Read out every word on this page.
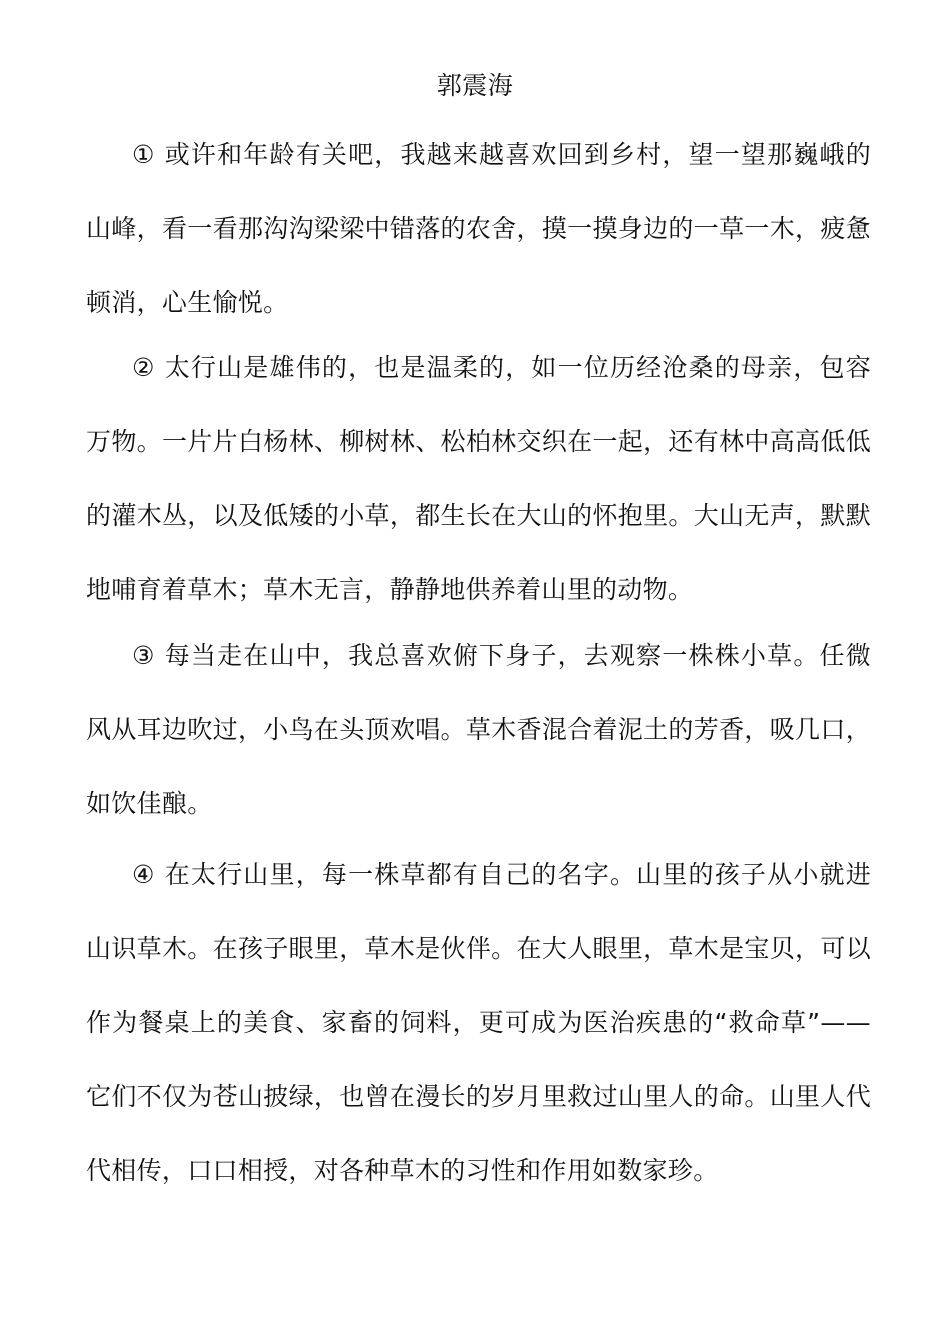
郭震海

① 或许和年龄有关吧，我越来越喜欢回到乡村，望一望那巍峨的山峰，看一看那沟沟梁梁中错落的农舍，摸一摸身边的一草一木，疲惫顿消，心生愉悦。

② 太行山是雄伟的，也是温柔的，如一位历经沧桑的母亲，包容万物。一片片白杨林、柳树林、松柏林交织在一起，还有林中高高低低的灌木丛，以及低矮的小草，都生长在大山的怀抱里。大山无声，默默地哺育着草木；草木无言，静静地供养着山里的动物。

③ 每当走在山中，我总喜欢俯下身子，去观察一株株小草。任微风从耳边吹过，小鸟在头顶欢唱。草木香混合着泥土的芳香，吸几口，如饮佳酿。

④ 在太行山里，每一株草都有自己的名字。山里的孩子从小就进山识草木。在孩子眼里，草木是伙伴。在大人眼里，草木是宝贝，可以作为餐桌上的美食、家畜的饲料，更可成为医治疾患的“救命草”——它们不仅为苍山披绿，也曾在漫长的岁月里救过山里人的命。山里人代代相传，口口相授，对各种草木的习性和作用如数家珍。
